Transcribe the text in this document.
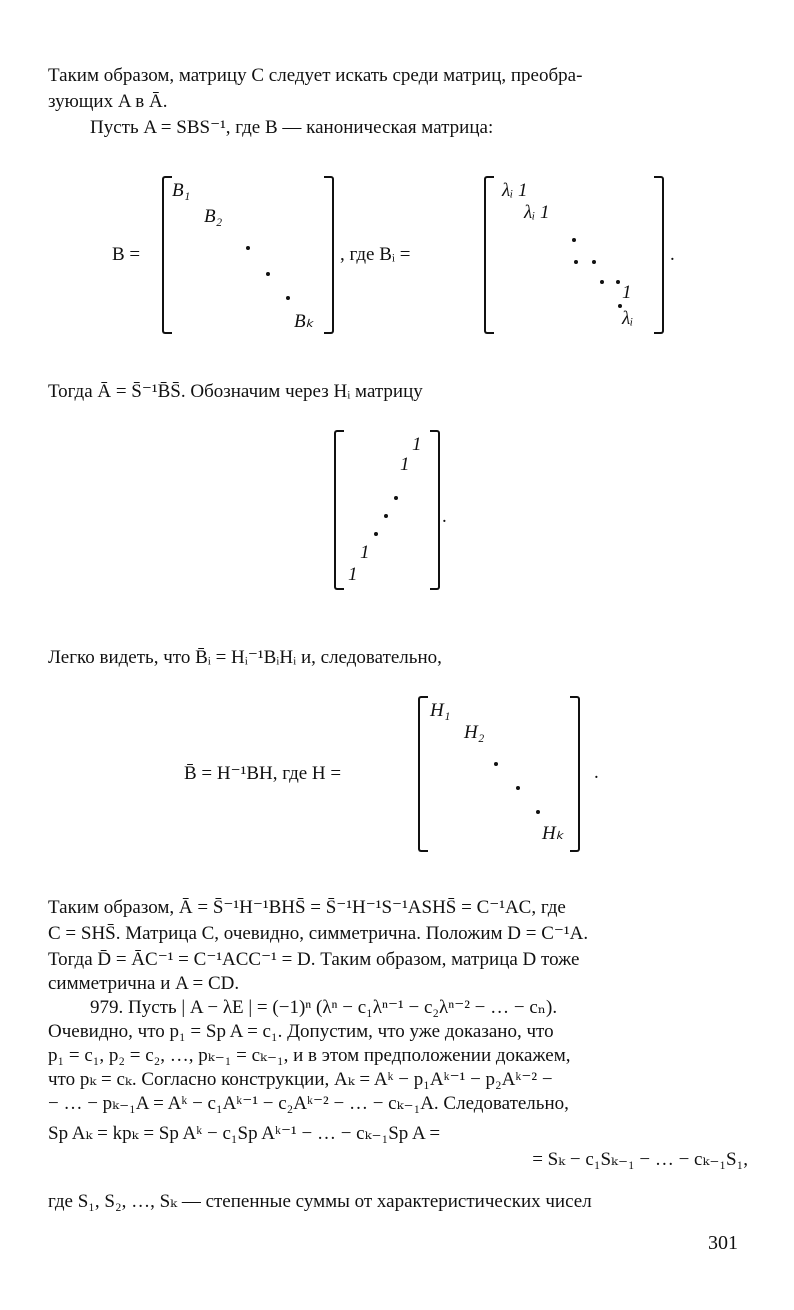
Таким образом, матрицу C следует искать среди матриц, преобра-
зующих A в Ā.
Пусть A = SBS⁻¹, где B — каноническая матрица:
B =
B₁
B₂
Bₖ
, где Bᵢ =
λᵢ 1
λᵢ 1
1
λᵢ
.
Тогда Ā = S̄⁻¹B̄S̄. Обозначим через Hᵢ матрицу
1
1
1
1
.
Легко видеть, что B̄ᵢ = Hᵢ⁻¹BᵢHᵢ и, следовательно,
B̄ = H⁻¹BH, где H =
H₁
H₂
Hₖ
.
Таким образом, Ā = S̄⁻¹H⁻¹BHS̄ = S̄⁻¹H⁻¹S⁻¹ASHS̄ = C⁻¹AC, где
C = SHS̄. Матрица C, очевидно, симметрична. Положим D = C⁻¹A.
Тогда D̄ = ĀC⁻¹ = C⁻¹ACC⁻¹ = D. Таким образом, матрица D тоже
симметрична и A = CD.
979. Пусть | A − λE | = (−1)ⁿ (λⁿ − c₁λⁿ⁻¹ − c₂λⁿ⁻² − … − cₙ).
Очевидно, что p₁ = Sp A = c₁. Допустим, что уже доказано, что
p₁ = c₁, p₂ = c₂, …, pₖ₋₁ = cₖ₋₁, и в этом предположении докажем,
что pₖ = cₖ. Согласно конструкции, Aₖ = Aᵏ − p₁Aᵏ⁻¹ − p₂Aᵏ⁻² −
− … − pₖ₋₁A = Aᵏ − c₁Aᵏ⁻¹ − c₂Aᵏ⁻² − … − cₖ₋₁A. Следовательно,
Sp Aₖ = kpₖ = Sp Aᵏ − c₁Sp Aᵏ⁻¹ − … − cₖ₋₁Sp A =
= Sₖ − c₁Sₖ₋₁ − … − cₖ₋₁S₁,
где S₁, S₂, …, Sₖ — степенные суммы от характеристических чисел
301
